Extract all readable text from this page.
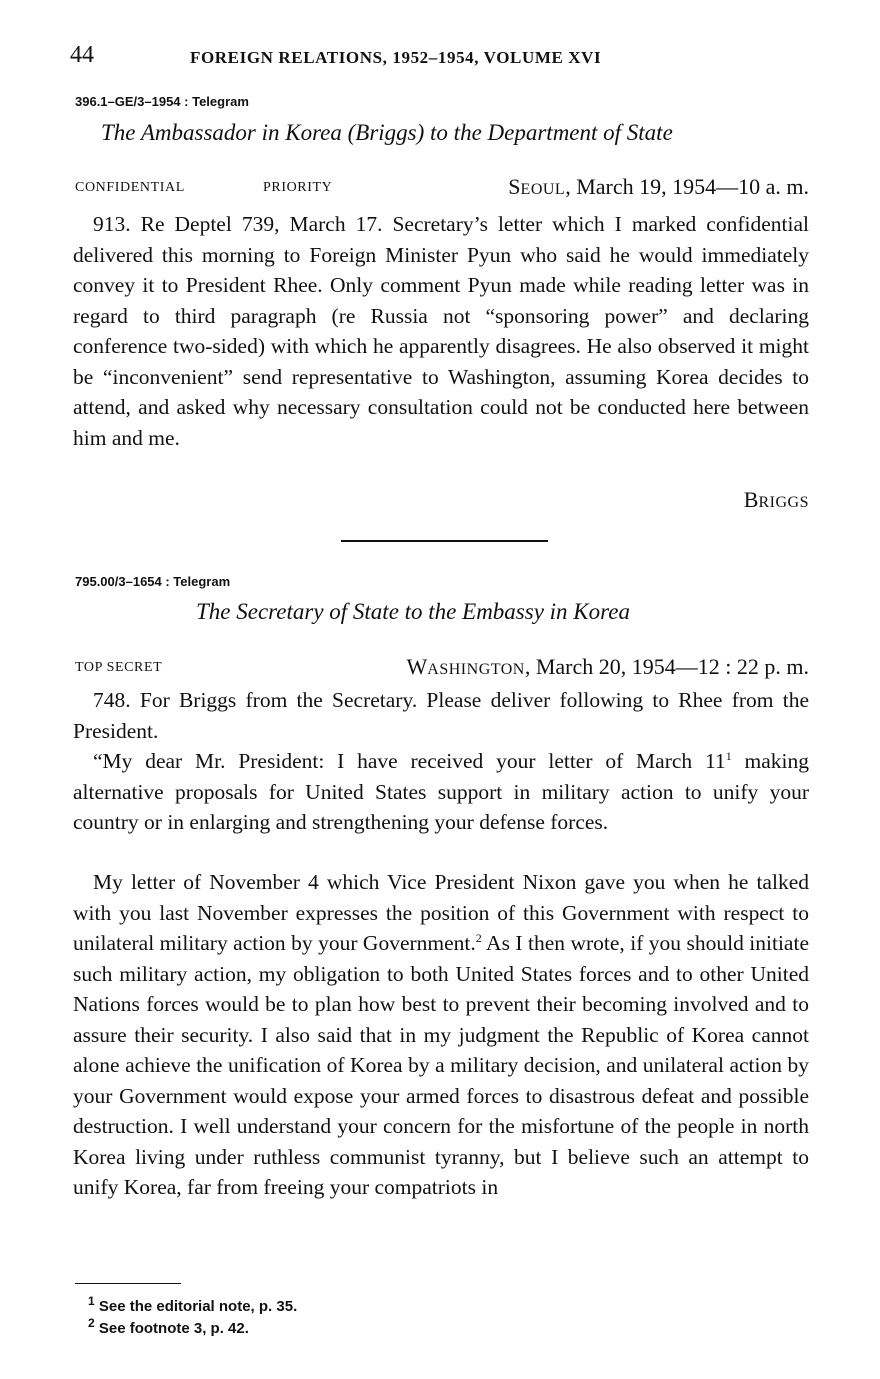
44	FOREIGN RELATIONS, 1952–1954, VOLUME XVI
396.1–GE/3–1954 : Telegram
The Ambassador in Korea (Briggs) to the Department of State
CONFIDENTIAL	PRIORITY	SEOUL, March 19, 1954—10 a. m.
913. Re Deptel 739, March 17. Secretary’s letter which I marked confidential delivered this morning to Foreign Minister Pyun who said he would immediately convey it to President Rhee. Only comment Pyun made while reading letter was in regard to third paragraph (re Russia not “sponsoring power” and declaring conference two-sided) with which he apparently disagrees. He also observed it might be “inconvenient” send representative to Washington, assuming Korea decides to attend, and asked why necessary consultation could not be conducted here between him and me.
BRIGGS
795.00/3–1654 : Telegram
The Secretary of State to the Embassy in Korea
TOP SECRET	WASHINGTON, March 20, 1954—12 : 22 p. m.
748. For Briggs from the Secretary. Please deliver following to Rhee from the President.
“My dear Mr. President: I have received your letter of March $11^1$ making alternative proposals for United States support in military action to unify your country or in enlarging and strengthening your defense forces.
My letter of November 4 which Vice President Nixon gave you when he talked with you last November expresses the position of this Government with respect to unilateral military action by your Government.$^2$ As I then wrote, if you should initiate such military action, my obligation to both United States forces and to other United Nations forces would be to plan how best to prevent their becoming involved and to assure their security. I also said that in my judgment the Republic of Korea cannot alone achieve the unification of Korea by a military decision, and unilateral action by your Government would expose your armed forces to disastrous defeat and possible destruction. I well understand your concern for the misfortune of the people in north Korea living under ruthless communist tyranny, but I believe such an attempt to unify Korea, far from freeing your compatriots in
$^1$ See the editorial note, p. 35.
$^2$ See footnote 3, p. 42.
